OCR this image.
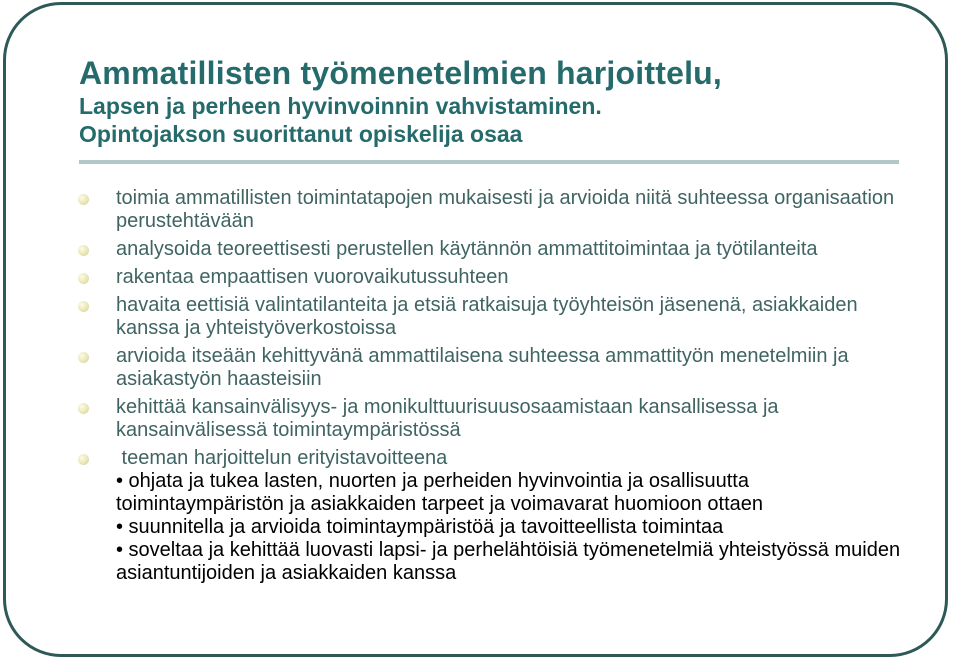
Ammatillisten työmenetelmien harjoittelu,
Lapsen ja perheen hyvinvoinnin vahvistaminen.
Opintojakson suorittanut opiskelija osaa
toimia ammatillisten toimintatapojen mukaisesti ja arvioida niitä suhteessa organisaation perustehtävään
analysoida teoreettisesti perustellen käytännön ammattitoimintaa ja työtilanteita
rakentaa empaattisen vuorovaikutussuhteen
havaita eettisiä valintatilanteita ja etsiä ratkaisuja työyhteisön jäsenenä, asiakkaiden kanssa ja yhteistyöverkostoissa
arvioida itseään kehittyvänä ammattilaisena suhteessa ammattityön menetelmiin ja asiakastyön haasteisiin
kehittää kansainvälisyys- ja monikulttuurisuusosaamistaan kansallisessa ja kansainvälisessä toimintaympäristössä
teeman harjoittelun erityistavoitteena
• ohjata ja tukea lasten, nuorten ja perheiden hyvinvointia ja osallisuutta toimintaympäristön ja asiakkaiden tarpeet ja voimavarat huomioon ottaen
• suunnitella ja arvioida toimintaympäristöä ja tavoitteellista toimintaa
• soveltaa ja kehittää luovasti lapsi- ja perhelähtöisiä työmenetelmiä yhteistyössä muiden asiantuntijoiden ja asiakkaiden kanssa
